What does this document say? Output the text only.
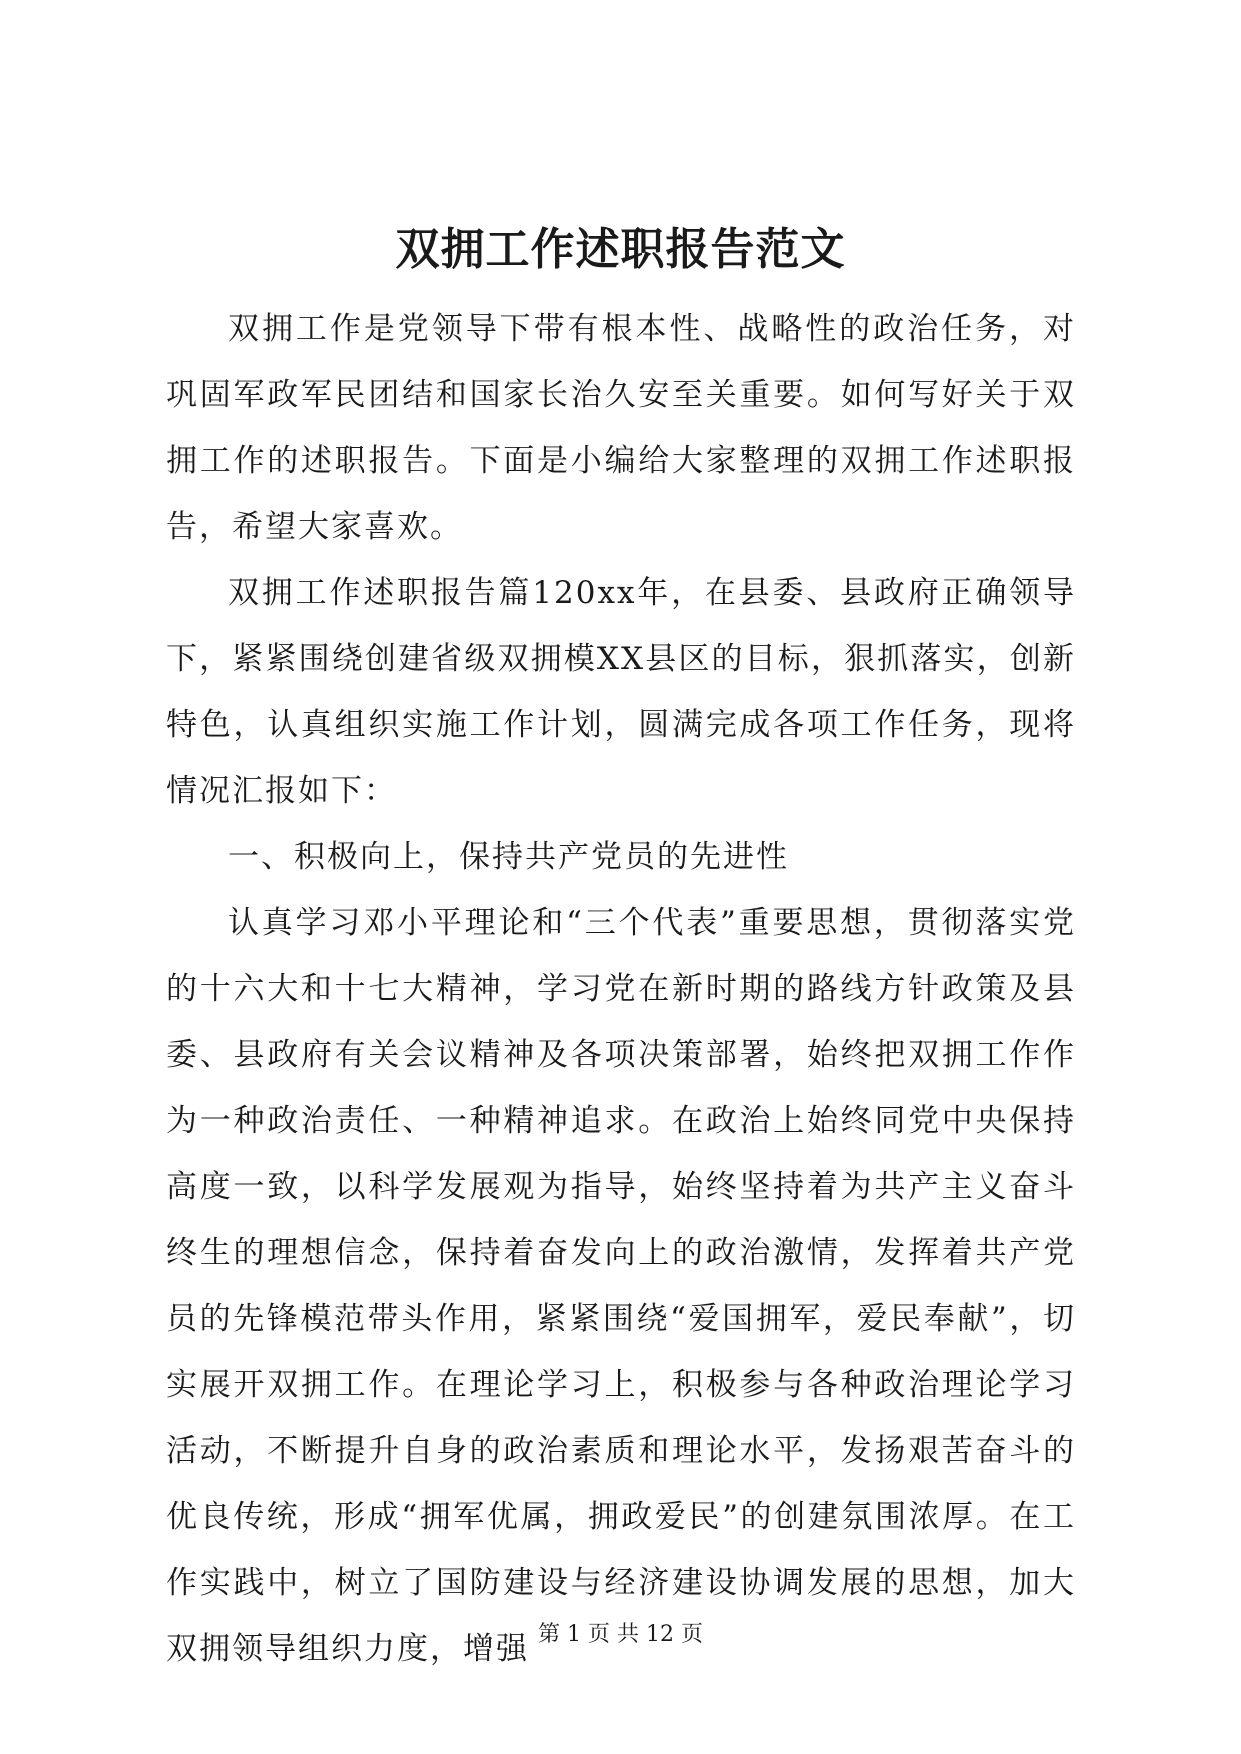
双拥工作述职报告范文

双拥工作是党领导下带有根本性、战略性的政治任务，对巩固军政军民团结和国家长治久安至关重要。如何写好关于双拥工作的述职报告。下面是小编给大家整理的双拥工作述职报告，希望大家喜欢。

双拥工作述职报告篇120xx年，在县委、县政府正确领导下，紧紧围绕创建省级双拥模XX县区的目标，狠抓落实，创新特色，认真组织实施工作计划，圆满完成各项工作任务，现将情况汇报如下：

一、积极向上，保持共产党员的先进性

认真学习邓小平理论和“三个代表”重要思想，贯彻落实党的十六大和十七大精神，学习党在新时期的路线方针政策及县委、县政府有关会议精神及各项决策部署，始终把双拥工作作为一种政治责任、一种精神追求。在政治上始终同党中央保持高度一致，以科学发展观为指导，始终坚持着为共产主义奋斗终生的理想信念，保持着奋发向上的政治激情，发挥着共产党员的先锋模范带头作用，紧紧围绕“爱国拥军，爱民奉献”，切实展开双拥工作。在理论学习上，积极参与各种政治理论学习活动，不断提升自身的政治素质和理论水平，发扬艰苦奋斗的优良传统，形成“拥军优属，拥政爱民”的创建氛围浓厚。在工作实践中，树立了国防建设与经济建设协调发展的思想，加大双拥领导组织力度，增强 第 1 页 共 12 页
